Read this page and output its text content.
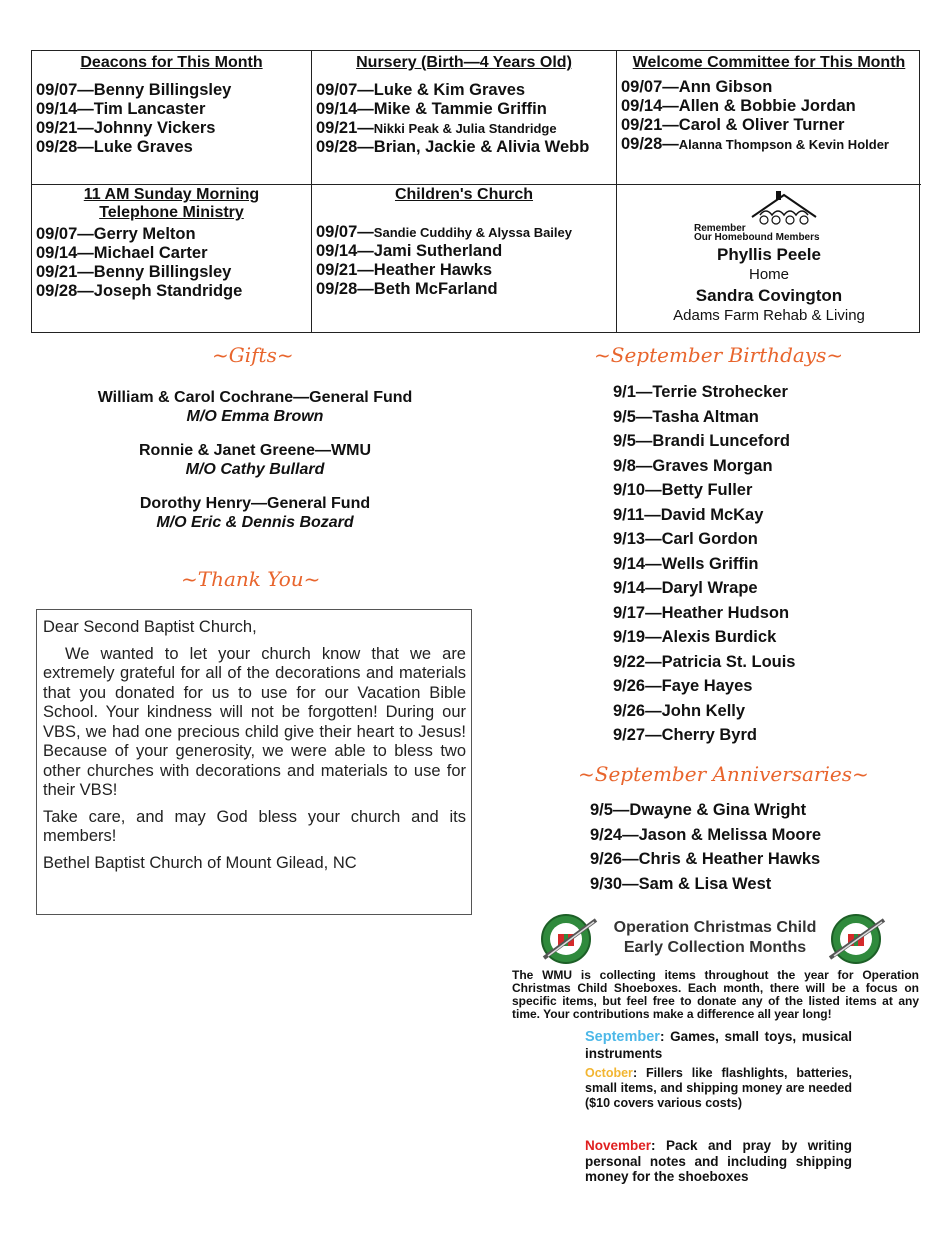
Deacons for This Month
09/07—Benny Billingsley
09/14—Tim Lancaster
09/21—Johnny Vickers
09/28—Luke Graves
Nursery (Birth—4 Years Old)
09/07—Luke & Kim Graves
09/14—Mike & Tammie Griffin
09/21—Nikki Peak & Julia Standridge
09/28—Brian, Jackie & Alivia Webb
Welcome Committee for This Month
09/07—Ann Gibson
09/14—Allen & Bobbie Jordan
09/21—Carol & Oliver Turner
09/28—Alanna Thompson & Kevin Holder
11 AM Sunday Morning
Telephone Ministry
09/07—Gerry Melton
09/14—Michael Carter
09/21—Benny Billingsley
09/28—Joseph Standridge
Children's Church
09/07—Sandie Cuddihy & Alyssa Bailey
09/14—Jami Sutherland
09/21—Heather Hawks
09/28—Beth McFarland
Remember
Our Homebound Members
Phyllis Peele
Home
Sandra Covington
Adams Farm Rehab & Living
~Gifts~
William & Carol Cochrane—General Fund
M/O Emma Brown
Ronnie & Janet Greene—WMU
M/O Cathy Bullard
Dorothy Henry—General Fund
M/O Eric & Dennis Bozard
~Thank You~

Dear Second Baptist Church,

We wanted to let your church know that we are extremely grateful for all of the decorations and materials that you donated for us to use for our Vacation Bible School. Your kindness will not be forgotten! During our VBS, we had one precious child give their heart to Jesus! Because of your generosity, we were able to bless two other churches with decorations and materials to use for their VBS!

Take care, and may God bless your church and its members!

Bethel Baptist Church of Mount Gilead, NC

~September Birthdays~
9/1—Terrie Strohecker
9/5—Tasha Altman
9/5—Brandi Lunceford
9/8—Graves Morgan
9/10—Betty Fuller
9/11—David McKay
9/13—Carl Gordon
9/14—Wells Griffin
9/14—Daryl Wrape
9/17—Heather Hudson
9/19—Alexis Burdick
9/22—Patricia St. Louis
9/26—Faye Hayes
9/26—John Kelly
9/27—Cherry Byrd
~September Anniversaries~
9/5—Dwayne & Gina Wright
9/24—Jason & Melissa Moore
9/26—Chris & Heather Hawks
9/30—Sam & Lisa West
Operation Christmas Child
Early Collection Months
The WMU is collecting items throughout the year for Operation Christmas Child Shoeboxes. Each month, there will be a focus on specific items, but feel free to donate any of the listed items at any time. Your contributions make a difference all year long!
September: Games, small toys, musical instruments
October: Fillers like flashlights, batteries, small items, and shipping money are needed ($10 covers various costs)
November: Pack and pray by writing personal notes and including shipping money for the shoeboxes
